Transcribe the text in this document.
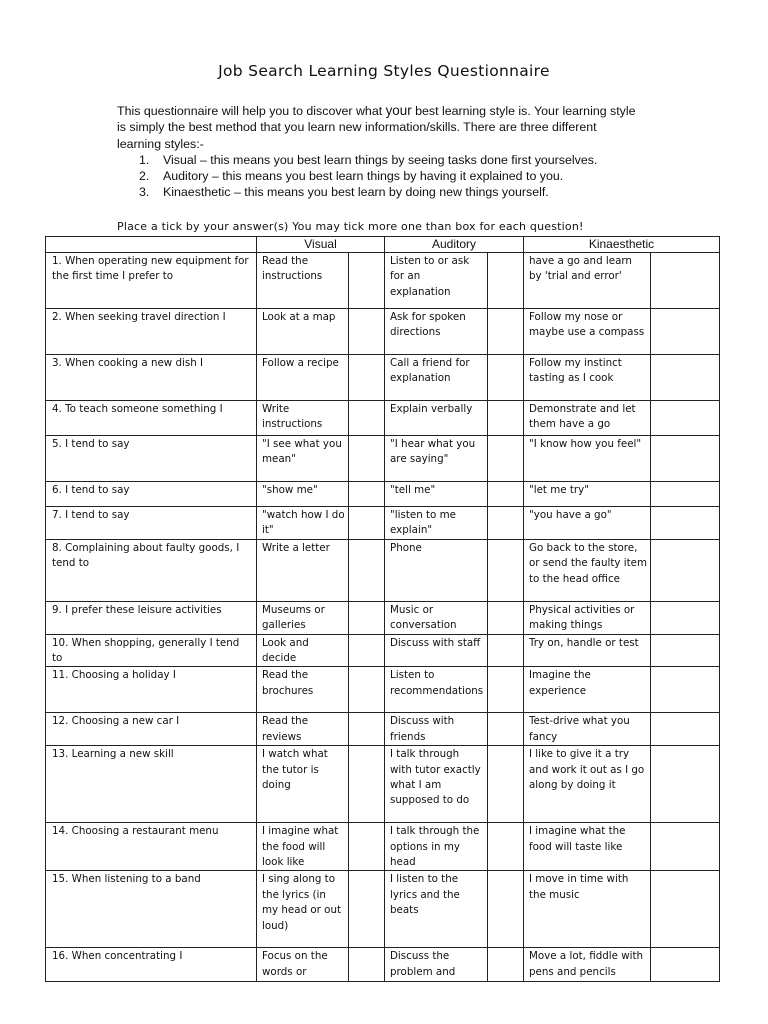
Job Search Learning Styles Questionnaire

This questionnaire will help you to discover what your best learning style is. Your learning style is simply the best method that you learn new information/skills. There are three different learning styles:-

1.	Visual – this means you best learn things by seeing tasks done first yourselves.
2.	Auditory – this means you best learn things by having it explained to you.
3.	Kinaesthetic – this means you best learn by doing new things yourself.
Place a tick by your answer(s) You may tick more one than box for each question!
	Visual		Auditory		Kinaesthetic	
1. When operating new equipment for the first time I prefer to	Read the instructions		Listen to or ask for an explanation		have a go and learn by 'trial and error'	
2. When seeking travel direction I	Look at a map		Ask for spoken directions		Follow my nose or maybe use a compass	
3. When cooking a new dish I	Follow a recipe		Call a friend for explanation		Follow my instinct tasting as I cook	
4. To teach someone something I	Write instructions		Explain verbally		Demonstrate and let them have a go	
5. I tend to say	"I see what you mean"		"I hear what you are saying"		"I know how you feel"	
6. I tend to say	"show me"		"tell me"		"let me try"	
7. I tend to say	"watch how I do it"		"listen to me explain"		"you have a go"	
8. Complaining about faulty goods, I tend to	Write a letter		Phone		Go back to the store, or send the faulty item to the head office	
9. I prefer these leisure activities	Museums or galleries		Music or conversation		Physical activities or making things	
10. When shopping, generally I tend to	Look and decide		Discuss with staff		Try on, handle or test	
11. Choosing a holiday I	Read the brochures		Listen to recommendations		Imagine the experience	
12. Choosing a new car I	Read the reviews		Discuss with friends		Test-drive what you fancy	
13. Learning a new skill	I watch what the tutor is doing		I talk through with tutor exactly what I am supposed to do		I like to give it a try and work it out as I go along by doing it	
14. Choosing a restaurant menu	I imagine what the food will look like		I talk through the options in my head		I imagine what the food will taste like	
15. When listening to a band	I sing along to the lyrics (in my head or out loud)		I listen to the lyrics and the beats		I move in time with the music	
16. When concentrating I	Focus on the words or		Discuss the problem and		Move a lot, fiddle with pens and pencils	
